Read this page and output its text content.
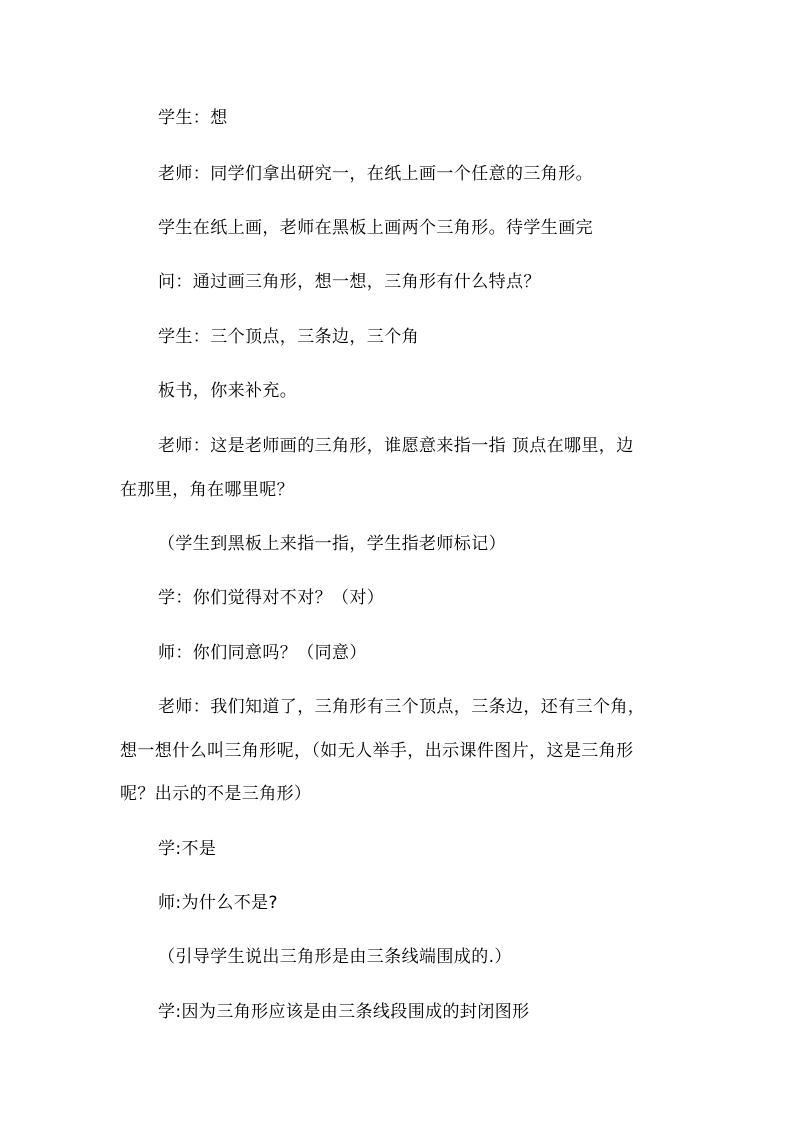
学生：想
老师：同学们拿出研究一，在纸上画一个任意的三角形。
学生在纸上画，老师在黑板上画两个三角形。待学生画完
问：通过画三角形，想一想，三角形有什么特点？
学生：三个顶点，三条边，三个角
板书，你来补充。
老师：这是老师画的三角形，谁愿意来指一指 顶点在哪里，边
在那里，角在哪里呢？
（学生到黑板上来指一指，学生指老师标记）
学：你们觉得对不对？（对）
师：你们同意吗？（同意）
老师：我们知道了，三角形有三个顶点，三条边，还有三个角，
想一想什么叫三角形呢，（如无人举手，出示课件图片，这是三角形
呢？出示的不是三角形）
学:不是
师:为什么不是?
（引导学生说出三角形是由三条线端围成的.）
学:因为三角形应该是由三条线段围成的封闭图形
